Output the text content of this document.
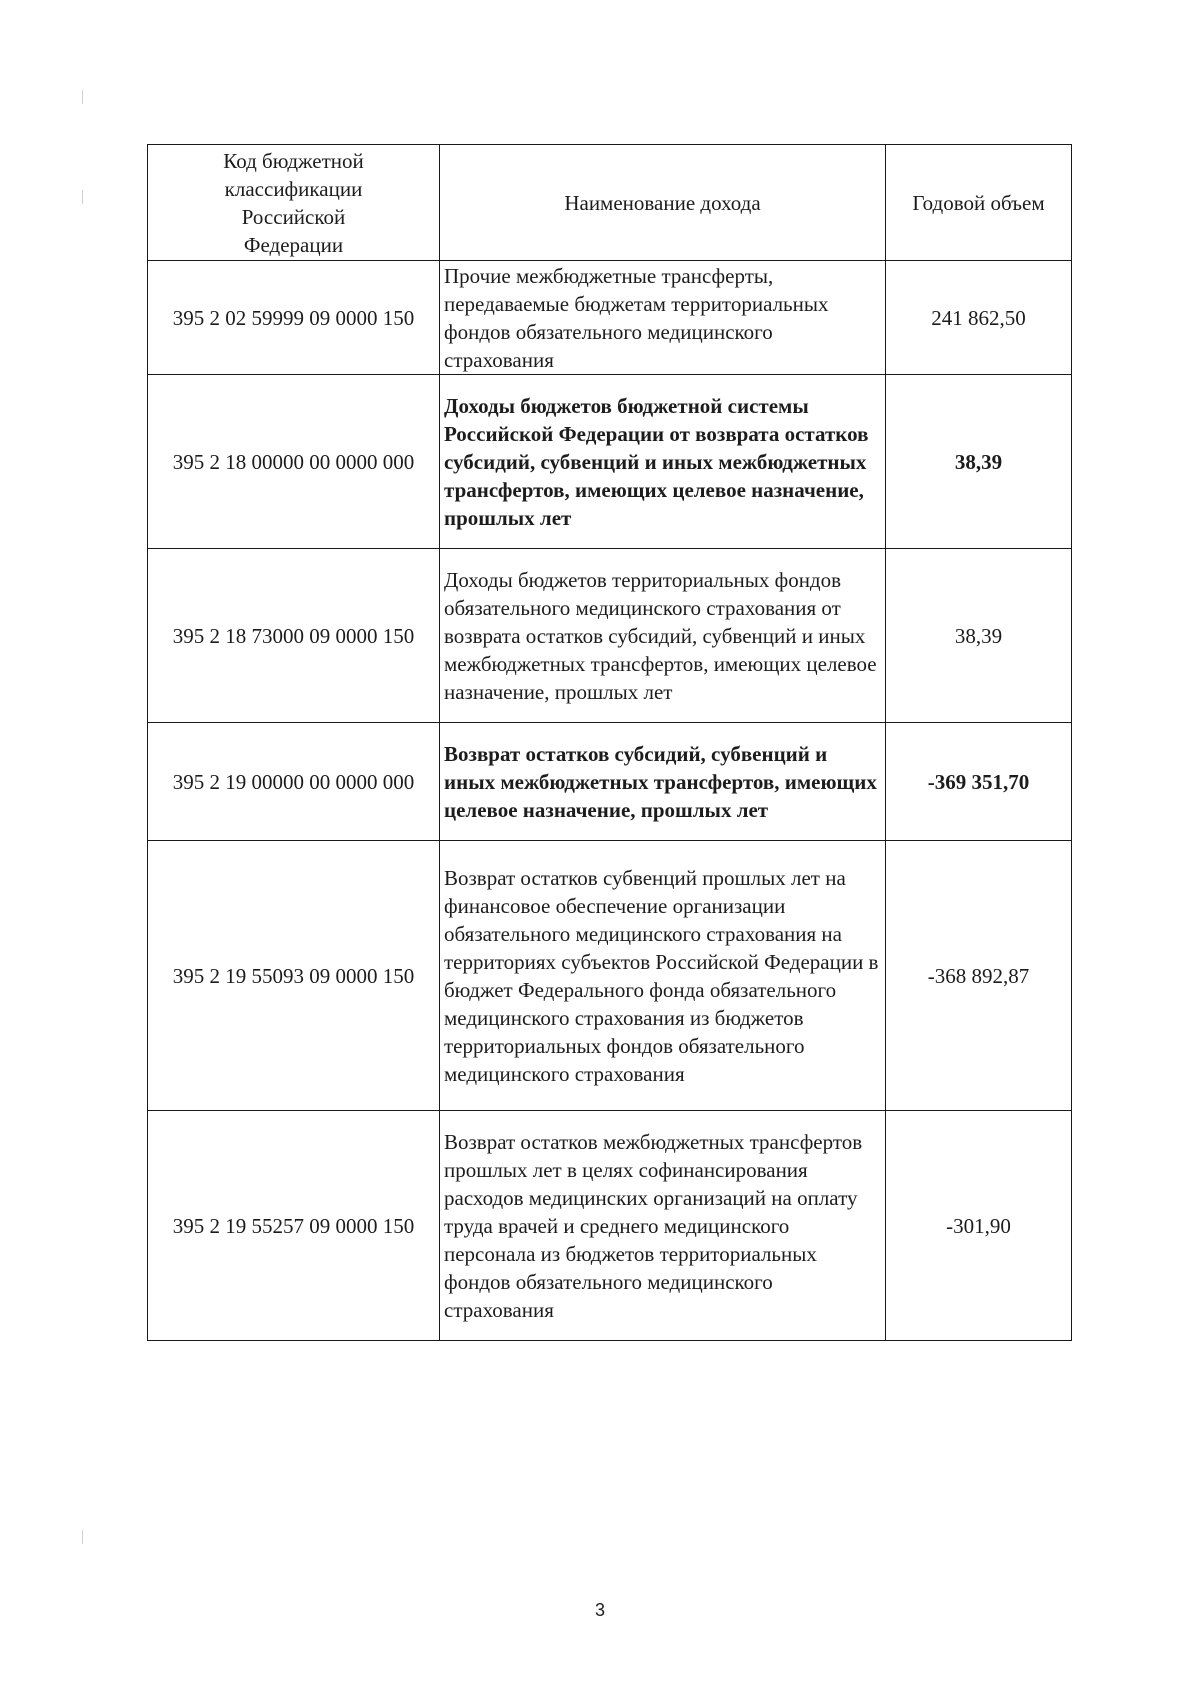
Код бюджетной классификации Российской Федерации	Наименование дохода	Годовой объем
395 2 02 59999 09 0000 150	Прочие межбюджетные трансферты, передаваемые бюджетам территориальных фондов обязательного медицинского страхования	241 862,50
395 2 18 00000 00 0000 000	Доходы бюджетов бюджетной системы Российской Федерации от возврата остатков субсидий, субвенций и иных межбюджетных трансфертов, имеющих целевое назначение, прошлых лет	38,39
395 2 18 73000 09 0000 150	Доходы бюджетов территориальных фондов обязательного медицинского страхования от возврата остатков субсидий, субвенций и иных межбюджетных трансфертов, имеющих целевое назначение, прошлых лет	38,39
395 2 19 00000 00 0000 000	Возврат остатков субсидий, субвенций и иных межбюджетных трансфертов, имеющих целевое назначение, прошлых лет	-369 351,70
395 2 19 55093 09 0000 150	Возврат остатков субвенций прошлых лет на финансовое обеспечение организации обязательного медицинского страхования на территориях субъектов Российской Федерации в бюджет Федерального фонда обязательного медицинского страхования из бюджетов территориальных фондов обязательного медицинского страхования	-368 892,87
395 2 19 55257 09 0000 150	Возврат остатков межбюджетных трансфертов прошлых лет в целях софинансирования расходов медицинских организаций на оплату труда врачей и среднего медицинского персонала из бюджетов территориальных фондов обязательного медицинского страхования	-301,90
3
